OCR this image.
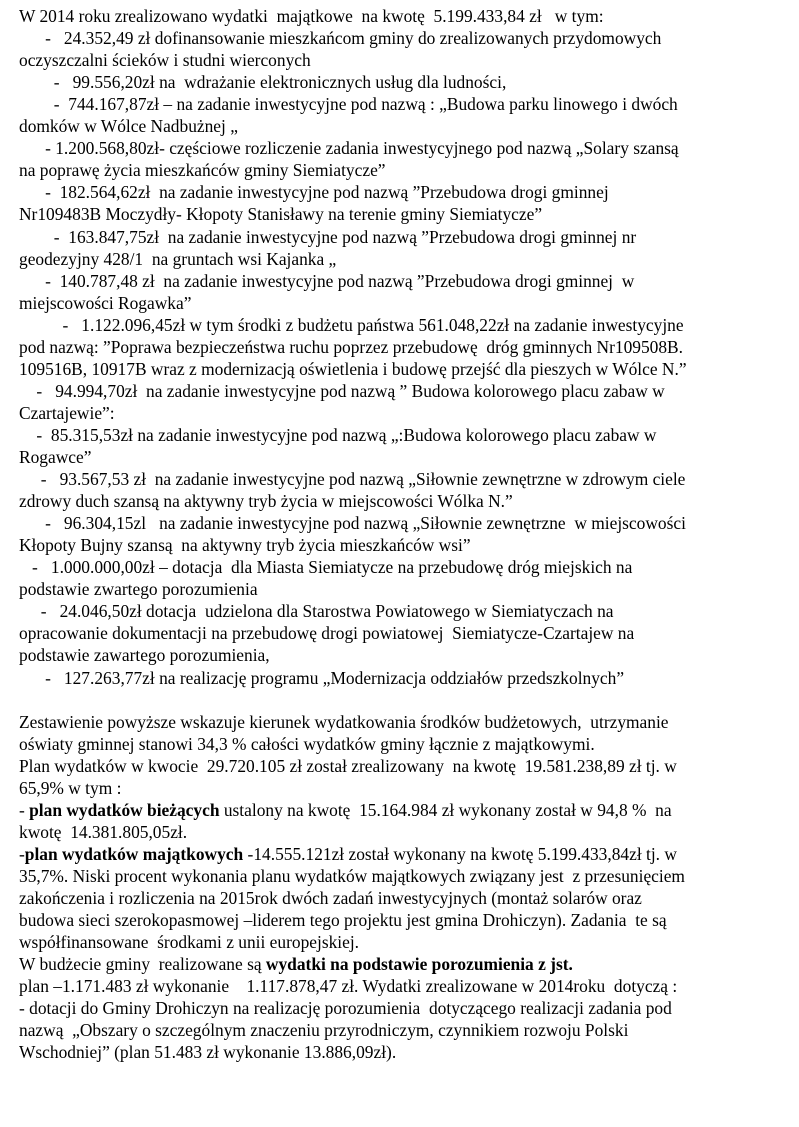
W 2014 roku zrealizowano wydatki  majątkowe  na kwotę  5.199.433,84 zł   w tym:
-   24.352,49 zł dofinansowanie mieszkańcom gminy do zrealizowanych przydomowych
oczyszczalni ścieków i studni wierconych
-   99.556,20zł na  wdrażanie elektronicznych usług dla ludności,
-  744.167,87zł – na zadanie inwestycyjne pod nazwą : „Budowa parku linowego i dwóch
domków w Wólce Nadbużnej „
- 1.200.568,80zł- częściowe rozliczenie zadania inwestycyjnego pod nazwą „Solary szansą
na poprawę życia mieszkańców gminy Siemiatycze”
-  182.564,62zł  na zadanie inwestycyjne pod nazwą ”Przebudowa drogi gminnej
Nr109483B Moczydły- Kłopoty Stanisławy na terenie gminy Siemiatycze”
-  163.847,75zł  na zadanie inwestycyjne pod nazwą ”Przebudowa drogi gminnej nr
geodezyjny 428/1  na gruntach wsi Kajanka „
-  140.787,48 zł  na zadanie inwestycyjne pod nazwą ”Przebudowa drogi gminnej  w
miejscowości Rogawka”
-   1.122.096,45zł w tym środki z budżetu państwa 561.048,22zł na zadanie inwestycyjne
pod nazwą: ”Poprawa bezpieczeństwa ruchu poprzez przebudowę  dróg gminnych Nr109508B.
109516B, 10917B wraz z modernizacją oświetlenia i budowę przejść dla pieszych w Wólce N.”
-   94.994,70zł  na zadanie inwestycyjne pod nazwą ” Budowa kolorowego placu zabaw w
Czartajewie”:
-  85.315,53zł na zadanie inwestycyjne pod nazwą „:Budowa kolorowego placu zabaw w
Rogawce”
-   93.567,53 zł  na zadanie inwestycyjne pod nazwą „Siłownie zewnętrzne w zdrowym ciele
zdrowy duch szansą na aktywny tryb życia w miejscowości Wólka N.”
-   96.304,15zl   na zadanie inwestycyjne pod nazwą „Siłownie zewnętrzne  w miejscowości
Kłopoty Bujny szansą  na aktywny tryb życia mieszkańców wsi”
-   1.000.000,00zł – dotacja  dla Miasta Siemiatycze na przebudowę dróg miejskich na
podstawie zwartego porozumienia
-   24.046,50zł dotacja  udzielona dla Starostwa Powiatowego w Siemiatyczach na
opracowanie dokumentacji na przebudowę drogi powiatowej  Siemiatycze-Czartajew na
podstawie zawartego porozumienia,
-   127.263,77zł na realizację programu „Modernizacja oddziałów przedszkolnych”
Zestawienie powyższe wskazuje kierunek wydatkowania środków budżetowych,  utrzymanie
oświaty gminnej stanowi 34,3 % całości wydatków gminy łącznie z majątkowymi.
Plan wydatków w kwocie  29.720.105 zł został zrealizowany  na kwotę  19.581.238,89 zł tj. w
65,9% w tym :
- plan wydatków bieżących ustalony na kwotę  15.164.984 zł wykonany został w 94,8 %  na
kwotę  14.381.805,05zł.
-plan wydatków majątkowych -14.555.121zł został wykonany na kwotę 5.199.433,84zł tj. w
35,7%. Niski procent wykonania planu wydatków majątkowych związany jest  z przesunięciem
zakończenia i rozliczenia na 2015rok dwóch zadań inwestycyjnych (montaż solarów oraz
budowa sieci szerokopasmowej –liderem tego projektu jest gmina Drohiczyn). Zadania  te są
współfinansowane  środkami z unii europejskiej.
W budżecie gminy  realizowane są wydatki na podstawie porozumienia z jst.
plan –1.171.483 zł wykonanie    1.117.878,47 zł. Wydatki zrealizowane w 2014roku  dotyczą :
- dotacji do Gminy Drohiczyn na realizację porozumienia  dotyczącego realizacji zadania pod
nazwą  „Obszary o szczególnym znaczeniu przyrodniczym, czynnikiem rozwoju Polski
Wschodniej” (plan 51.483 zł wykonanie 13.886,09zł).
